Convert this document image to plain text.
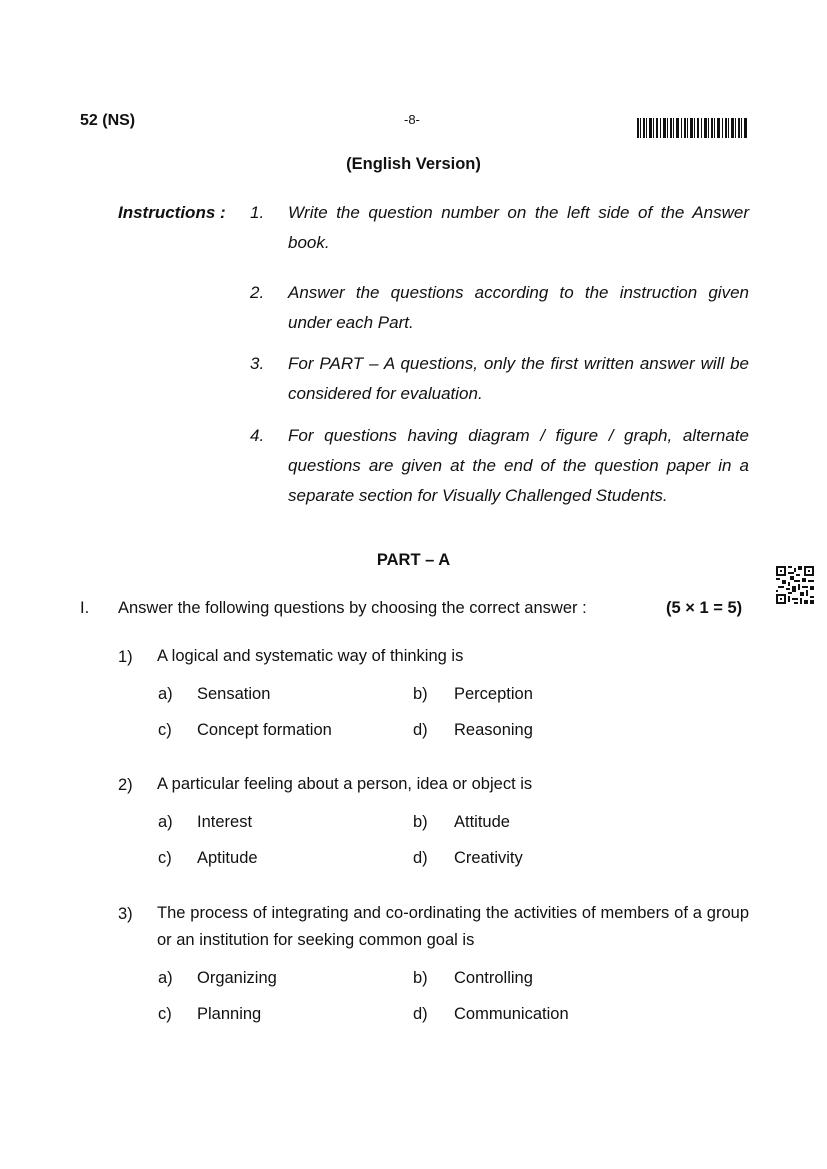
52 (NS)	-8-
(English Version)
Instructions : 1. Write the question number on the left side of the Answer book.
2. Answer the questions according to the instruction given under each Part.
3. For PART – A questions, only the first written answer will be considered for evaluation.
4. For questions having diagram / figure / graph, alternate questions are given at the end of the question paper in a separate section for Visually Challenged Students.
PART – A
I. Answer the following questions by choosing the correct answer :	(5 × 1 = 5)
1) A logical and systematic way of thinking is
a) Sensation	b) Perception
c) Concept formation	d) Reasoning
2) A particular feeling about a person, idea or object is
a) Interest	b) Attitude
c) Aptitude	d) Creativity
3) The process of integrating and co-ordinating the activities of members of a group or an institution for seeking common goal is
a) Organizing	b) Controlling
c) Planning	d) Communication
